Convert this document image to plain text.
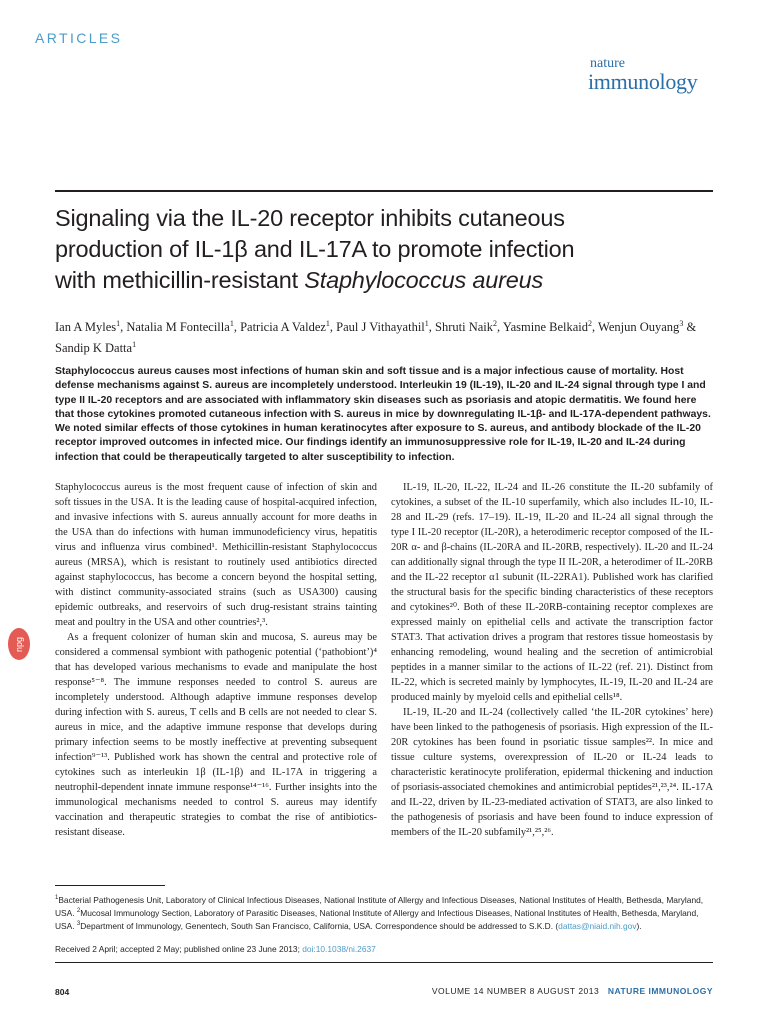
ARTICLES
nature
immunology
Signaling via the IL-20 receptor inhibits cutaneous
production of IL-1β and IL-17A to promote infection
with methicillin-resistant Staphylococcus aureus
Ian A Myles$^1$, Natalia M Fontecilla$^1$, Patricia A Valdez$^1$, Paul J Vithayathil$^1$, Shruti Naik$^2$, Yasmine Belkaid$^2$, Wenjun Ouyang$^3$ & Sandip K Datta$^1$
Staphylococcus aureus causes most infections of human skin and soft tissue and is a major infectious cause of mortality. Host defense mechanisms against S. aureus are incompletely understood. Interleukin 19 (IL-19), IL-20 and IL-24 signal through type I and type II IL-20 receptors and are associated with inflammatory skin diseases such as psoriasis and atopic dermatitis. We found here that those cytokines promoted cutaneous infection with S. aureus in mice by downregulating IL-1β- and IL-17A-dependent pathways. We noted similar effects of those cytokines in human keratinocytes after exposure to S. aureus, and antibody blockade of the IL-20 receptor improved outcomes in infected mice. Our findings identify an immunosuppressive role for IL-19, IL-20 and IL-24 during infection that could be therapeutically targeted to alter susceptibility to infection.

Staphylococcus aureus is the most frequent cause of infection of skin and soft tissues in the USA. It is the leading cause of hospital-acquired infection, and invasive infections with S. aureus annually account for more deaths in the USA than do infections with human immunodeficiency virus, hepatitis virus and influenza virus combined¹. Methicillin-resistant Staphylococcus aureus (MRSA), which is resistant to routinely used antibiotics directed against staphylococcus, has become a concern beyond the hospital setting, with distinct community-associated strains (such as USA300) causing epidemic outbreaks, and reservoirs of such drug-resistant strains tainting meat and poultry in the USA and other countries²,³.

As a frequent colonizer of human skin and mucosa, S. aureus may be considered a commensal symbiont with pathogenic potential (‘pathobiont’)⁴ that has developed various mechanisms to evade and manipulate the host response⁵⁻⁸. The immune responses needed to control S. aureus are incompletely understood. Although adaptive immune responses develop during infection with S. aureus, T cells and B cells are not needed to clear S. aureus in mice, and the adaptive immune response that develops during primary infection seems to be mostly ineffective at preventing subsequent infection⁹⁻¹³. Published work has shown the central and protective role of cytokines such as interleukin 1β (IL-1β) and IL-17A in triggering a neutrophil-dependent innate immune response¹⁴⁻¹⁶. Further insights into the immunological mechanisms needed to control S. aureus may identify vaccination and therapeutic strategies to combat the rise of antibiotics-resistant disease.

IL-19, IL-20, IL-22, IL-24 and IL-26 constitute the IL-20 subfamily of cytokines, a subset of the IL-10 superfamily, which also includes IL-10, IL-28 and IL-29 (refs. 17–19). IL-19, IL-20 and IL-24 all signal through the type I IL-20 receptor (IL-20R), a heterodimeric receptor composed of the IL-20R α- and β-chains (IL-20RA and IL-20RB, respectively). IL-20 and IL-24 can additionally signal through the type II IL-20R, a heterodimer of IL-20RB and the IL-22 receptor α1 subunit (IL-22RA1). Published work has clarified the structural basis for the specific binding characteristics of these receptors and cytokines²⁰. Both of these IL-20RB-containing receptor complexes are expressed mainly on epithelial cells and activate the transcription factor STAT3. That activation drives a program that restores tissue homeostasis by enhancing remodeling, wound healing and the secretion of antimicrobial peptides in a manner similar to the actions of IL-22 (ref. 21). Distinct from IL-22, which is secreted mainly by lymphocytes, IL-19, IL-20 and IL-24 are produced mainly by myeloid cells and epithelial cells¹⁸.

IL-19, IL-20 and IL-24 (collectively called ‘the IL-20R cytokines’ here) have been linked to the pathogenesis of psoriasis. High expression of the IL-20R cytokines has been found in psoriatic tissue samples²². In mice and tissue culture systems, overexpression of IL-20 or IL-24 leads to characteristic keratinocyte proliferation, epidermal thickening and induction of psoriasis-associated chemokines and antimicrobial peptides²¹,²³,²⁴. IL-17A and IL-22, driven by IL-23-mediated activation of STAT3, are also linked to the pathogenesis of psoriasis and have been found to induce expression of members of the IL-20 subfamily²¹,²⁵,²⁶.

npg
$^1$Bacterial Pathogenesis Unit, Laboratory of Clinical Infectious Diseases, National Institute of Allergy and Infectious Diseases, National Institutes of Health, Bethesda, Maryland, USA. $^2$Mucosal Immunology Section, Laboratory of Parasitic Diseases, National Institute of Allergy and Infectious Diseases, National Institutes of Health, Bethesda, Maryland, USA. $^3$Department of Immunology, Genentech, South San Francisco, California, USA. Correspondence should be addressed to S.K.D. (dattas@niaid.nih.gov).
Received 2 April; accepted 2 May; published online 23 June 2013; doi:10.1038/ni.2637
804	VOLUME 14 NUMBER 8 AUGUST 2013 NATURE IMMUNOLOGY
